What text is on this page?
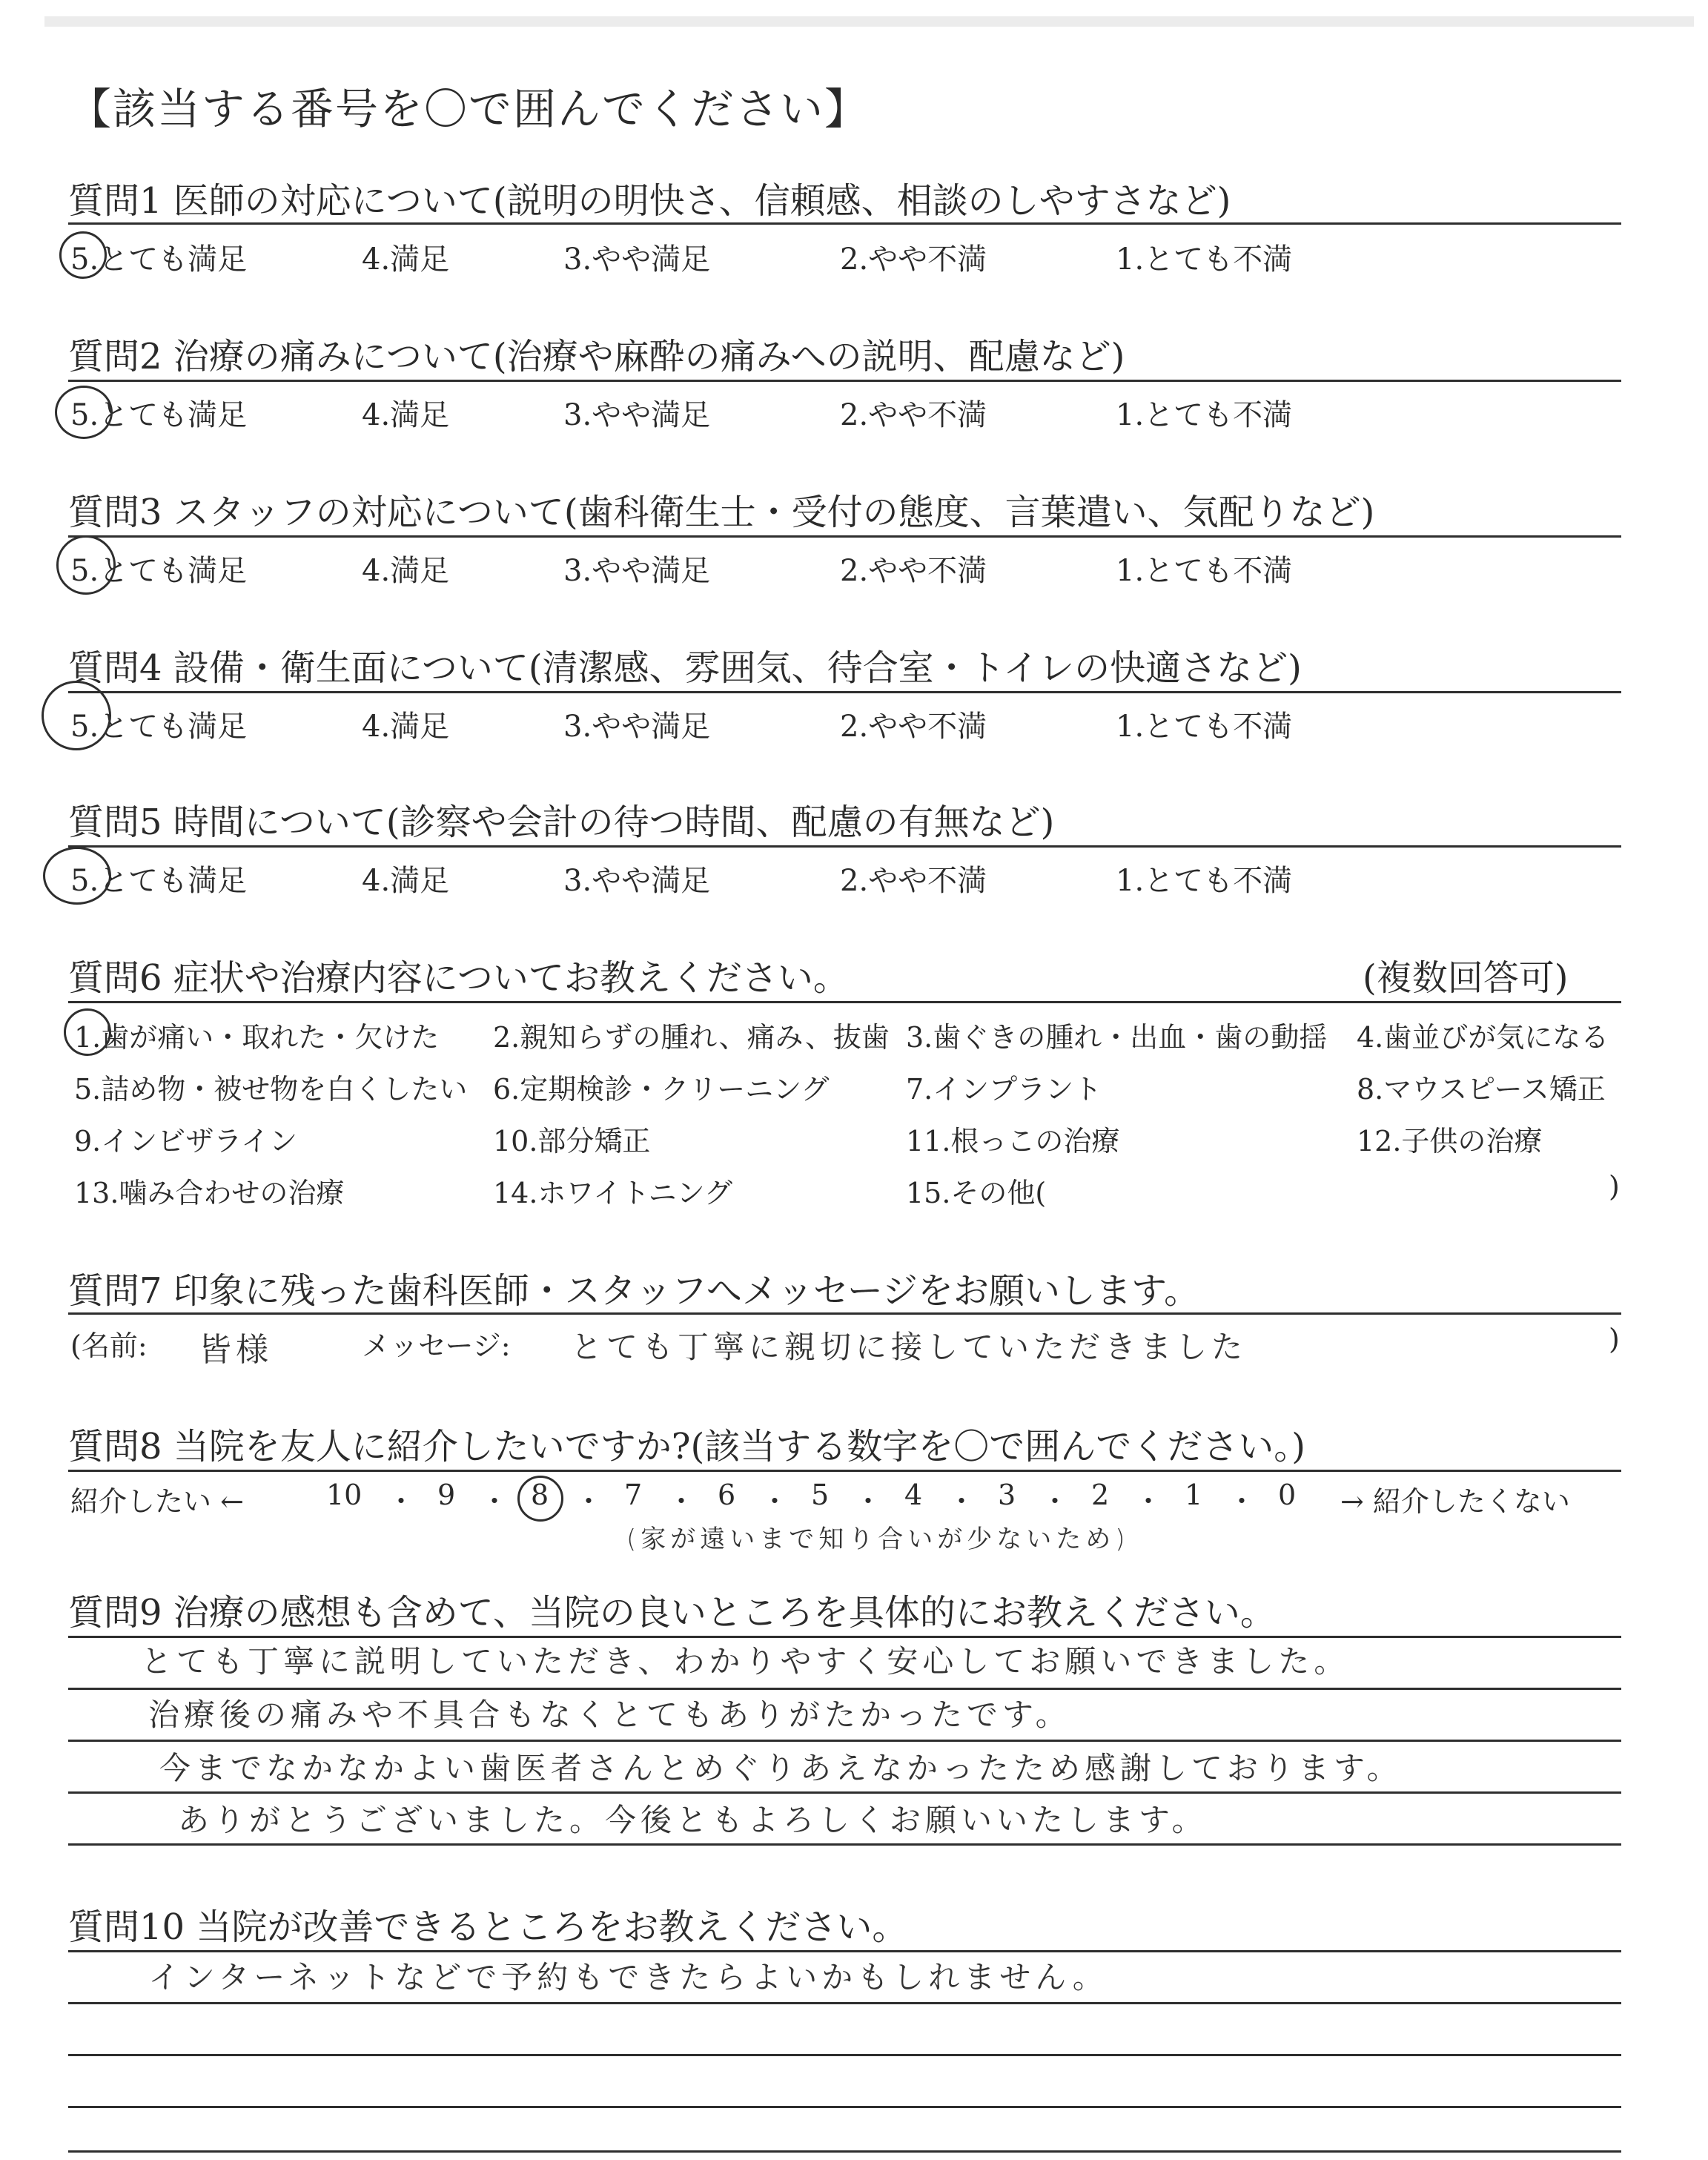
【該当する番号を〇で囲んでください】
質問1 医師の対応について(説明の明快さ、信頼感、相談のしやすさなど)
5.とても満足	4.満足	3.やや満足	2.やや不満	1.とても不満
質問2 治療の痛みについて(治療や麻酔の痛みへの説明、配慮など)
5.とても満足	4.満足	3.やや満足	2.やや不満	1.とても不満
質問3 スタッフの対応について(歯科衛生士・受付の態度、言葉遣い、気配りなど)
5.とても満足	4.満足	3.やや満足	2.やや不満	1.とても不満
質問4 設備・衛生面について(清潔感、雰囲気、待合室・トイレの快適さなど)
5.とても満足	4.満足	3.やや満足	2.やや不満	1.とても不満
質問5 時間について(診察や会計の待つ時間、配慮の有無など)
5.とても満足	4.満足	3.やや満足	2.やや不満	1.とても不満
質問6 症状や治療内容についてお教えください。	(複数回答可)
1.歯が痛い・取れた・欠けた 2.親知らずの腫れ、痛み、抜歯 3.歯ぐきの腫れ・出血・歯の動揺 4.歯並びが気になる
5.詰め物・被せ物を白くしたい 6.定期検診・クリーニング	7.インプラント	8.マウスピース矯正
9.インビザライン	10.部分矯正	11.根っこの治療	12.子供の治療
13.噛み合わせの治療	14.ホワイトニング	15.その他(	)
質問7 印象に残った歯科医師・スタッフへメッセージをお願いします。
(名前: 皆様	メッセージ: とても丁寧に親切に接していただきました	)
質問8 当院を友人に紹介したいですか?(該当する数字を〇で囲んでください。)
紹介したい ←	10 ・ 9 ・ 8 ・ 7 ・ 6 ・ 5 ・ 4 ・ 3 ・ 2 ・ 1 ・ 0 → 紹介したくない
(家が遠いまで知り合いが少ないため)
質問9 治療の感想も含めて、当院の良いところを具体的にお教えください。
とても丁寧に説明していただき、わかりやすく安心してお願いできました。
治療後の痛みや不具合もなくとてもありがたかったです。
今までなかなかよい歯医者さんとめぐりあえなかったため感謝しております。
ありがとうございました。今後ともよろしくお願いいたします。
質問10 当院が改善できるところをお教えください。
インターネットなどで予約もできたらよいかもしれません。
